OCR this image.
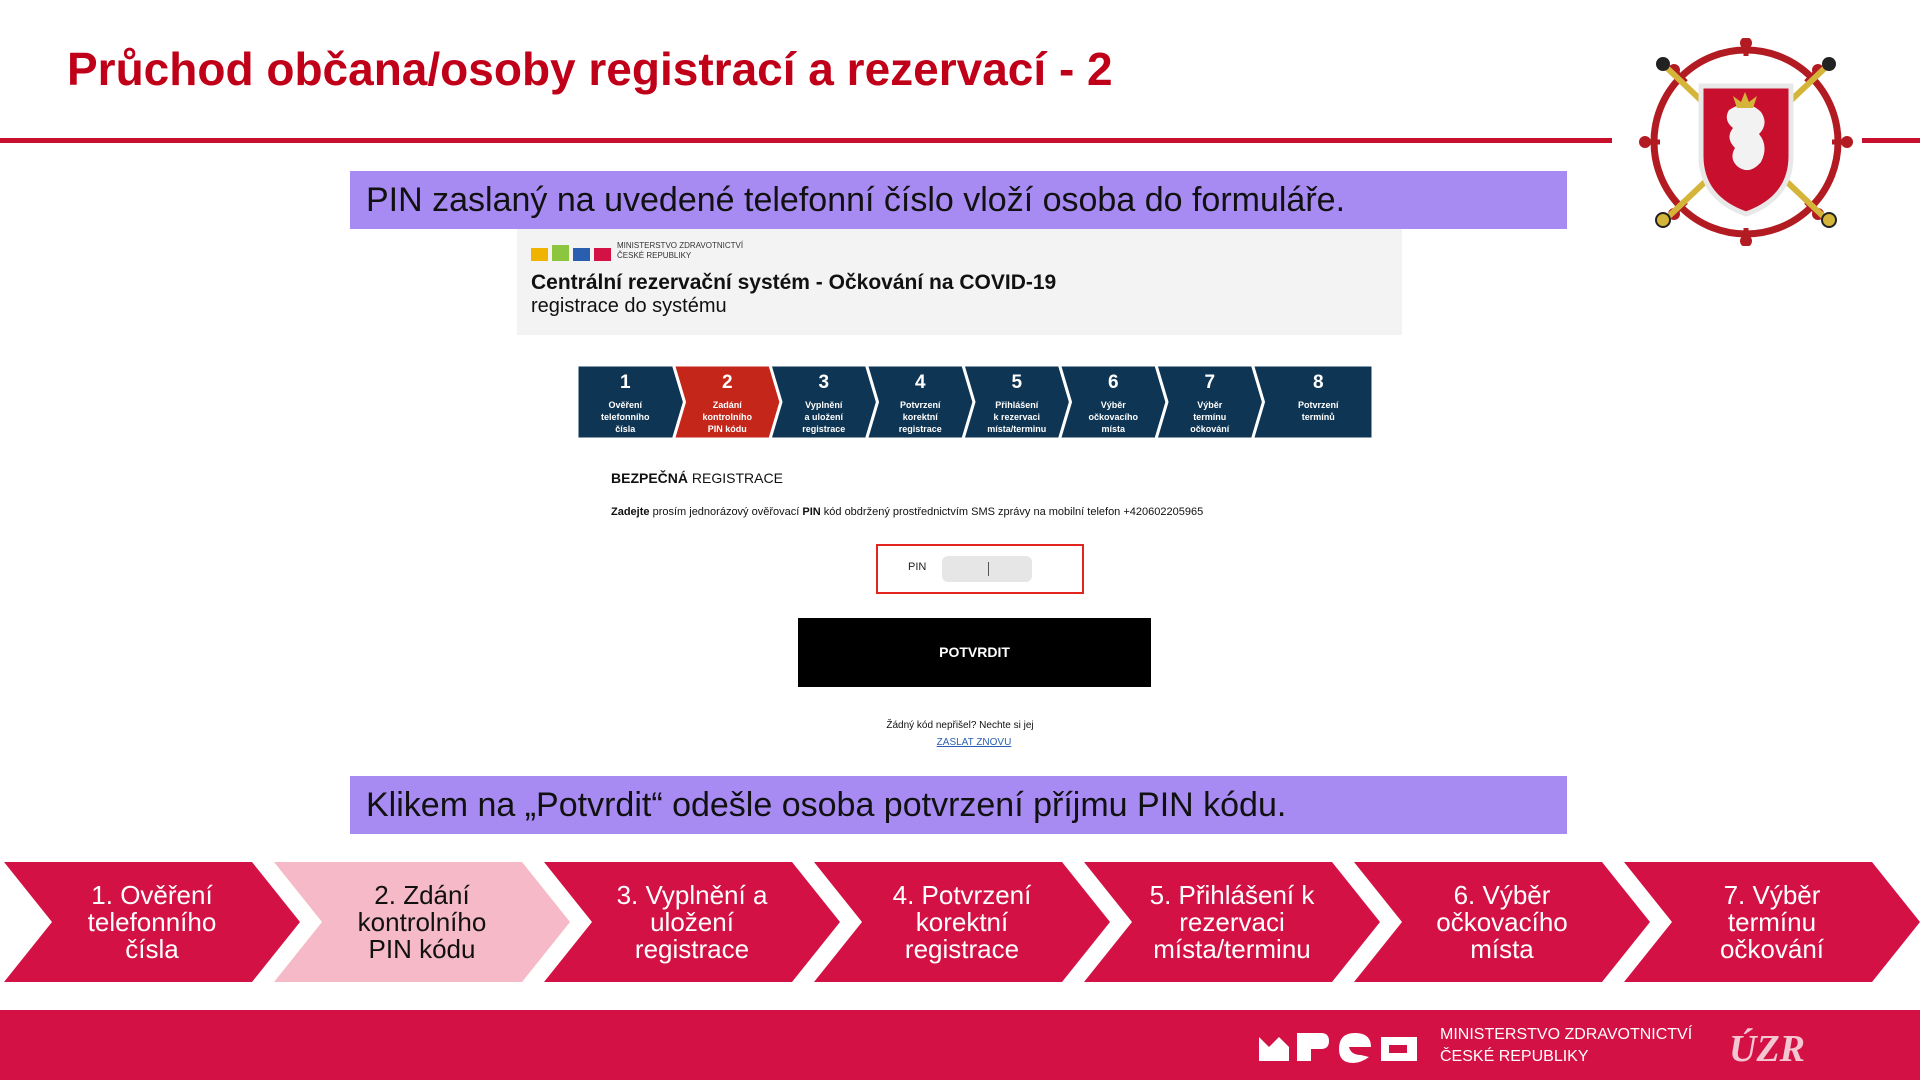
Průchod občana/osoby registrací a rezervací - 2
PIN zaslaný na uvedené telefonní číslo vloží osoba do formuláře.
MINISTERSTVO ZDRAVOTNICTVÍ ČESKÉ REPUBLIKY
Centrální rezervační systém - Očkování na COVID-19
registrace do systému
1
Ověření
telefonního
čísla
2
Zadání
kontrolního
PIN kódu
3
Vyplnění
a uložení
registrace
4
Potvrzení
korektní
registrace
5
Přihlášení
k rezervaci
místa/terminu
6
Výběr
očkovacího
místa
7
Výběr
termínu
očkování
8
Potvrzení
termínů
BEZPEČNÁ REGISTRACE
Zadejte prosím jednorázový ověřovací PIN kód obdržený prostřednictvím SMS zprávy na mobilní telefon +420602205965
PIN
POTVRDIT
Žádný kód nepřišel? Nechte si jej
ZASLAT ZNOVU
Klikem na „Potvrdit“ odešle osoba potvrzení příjmu PIN kódu.
1. Ověření
telefonního
čísla
2. Zdání
kontrolního
PIN kódu
3. Vyplnění a
uložení
registrace
4. Potvrzení
korektní
registrace
5. Přihlášení k
rezervaci
místa/terminu
6. Výběr
očkovacího
místa
7. Výběr
termínu
očkování
MINISTERSTVO ZDRAVOTNICTVÍ
ČESKÉ REPUBLIKY	ÚZR
